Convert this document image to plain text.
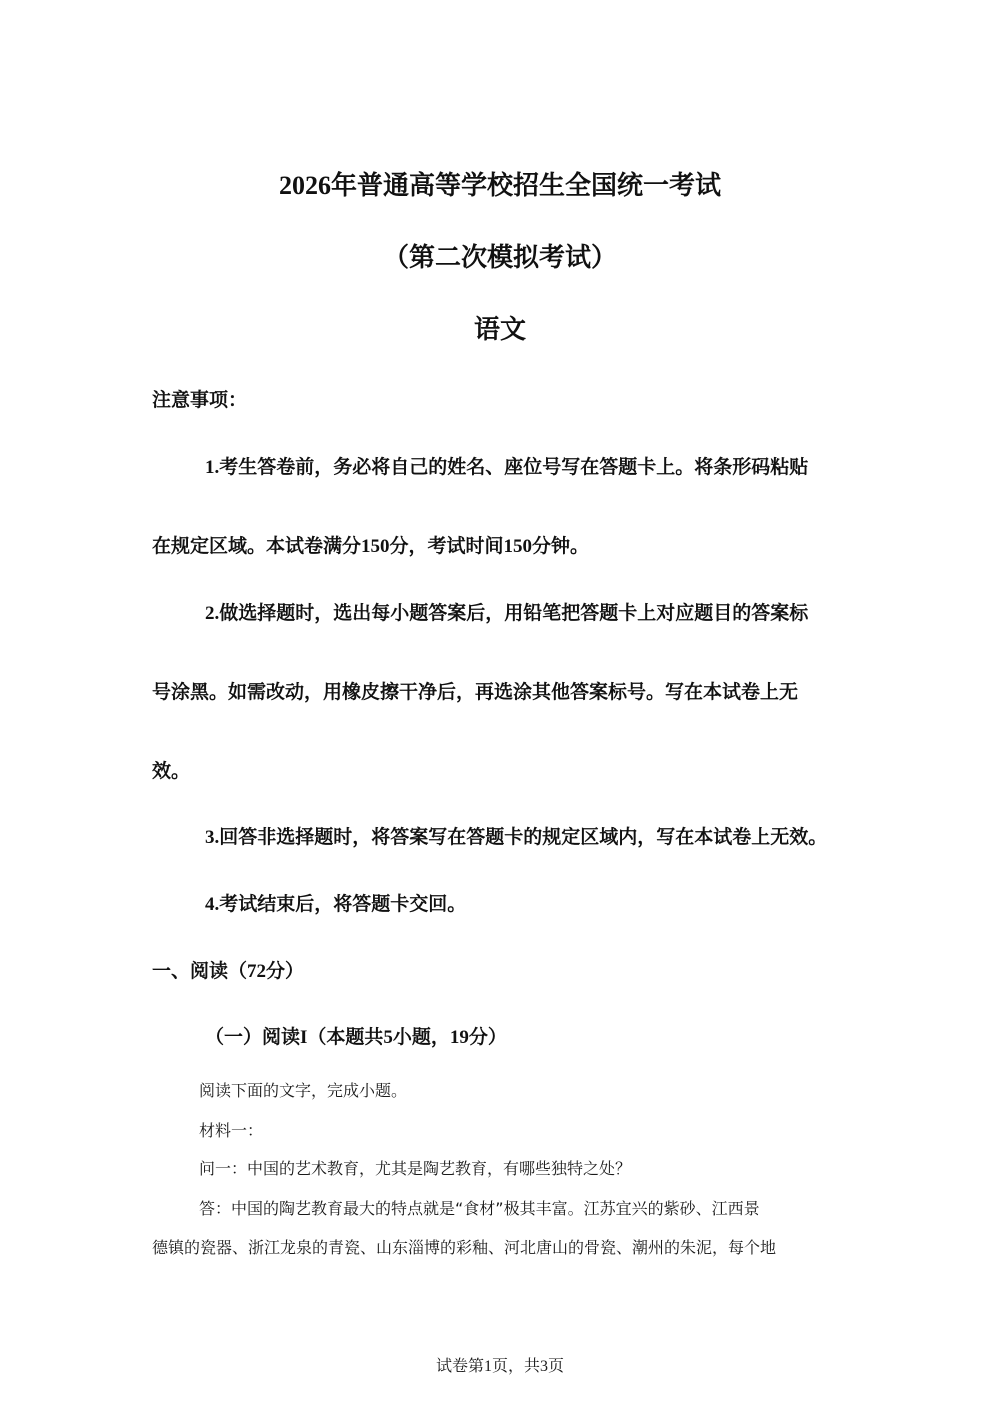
2026年普通高等学校招生全国统一考试
（第二次模拟考试）
语文

注意事项：

1.考生答卷前，务必将自己的姓名、座位号写在答题卡上。将条形码粘贴

在规定区域。本试卷满分150分，考试时间150分钟。

2.做选择题时，选出每小题答案后，用铅笔把答题卡上对应题目的答案标

号涂黑。如需改动，用橡皮擦干净后，再选涂其他答案标号。写在本试卷上无

效。

3.回答非选择题时，将答案写在答题卡的规定区域内，写在本试卷上无效。

4.考试结束后，将答题卡交回。

一、阅读（72分）

（一）阅读I（本题共5小题，19分）

阅读下面的文字，完成小题。

材料一：

问一：中国的艺术教育，尤其是陶艺教育，有哪些独特之处？

答：中国的陶艺教育最大的特点就是“食材”极其丰富。江苏宜兴的紫砂、江西景

德镇的瓷器、浙江龙泉的青瓷、山东淄博的彩釉、河北唐山的骨瓷、潮州的朱泥，每个地

试卷第1页，共3页
